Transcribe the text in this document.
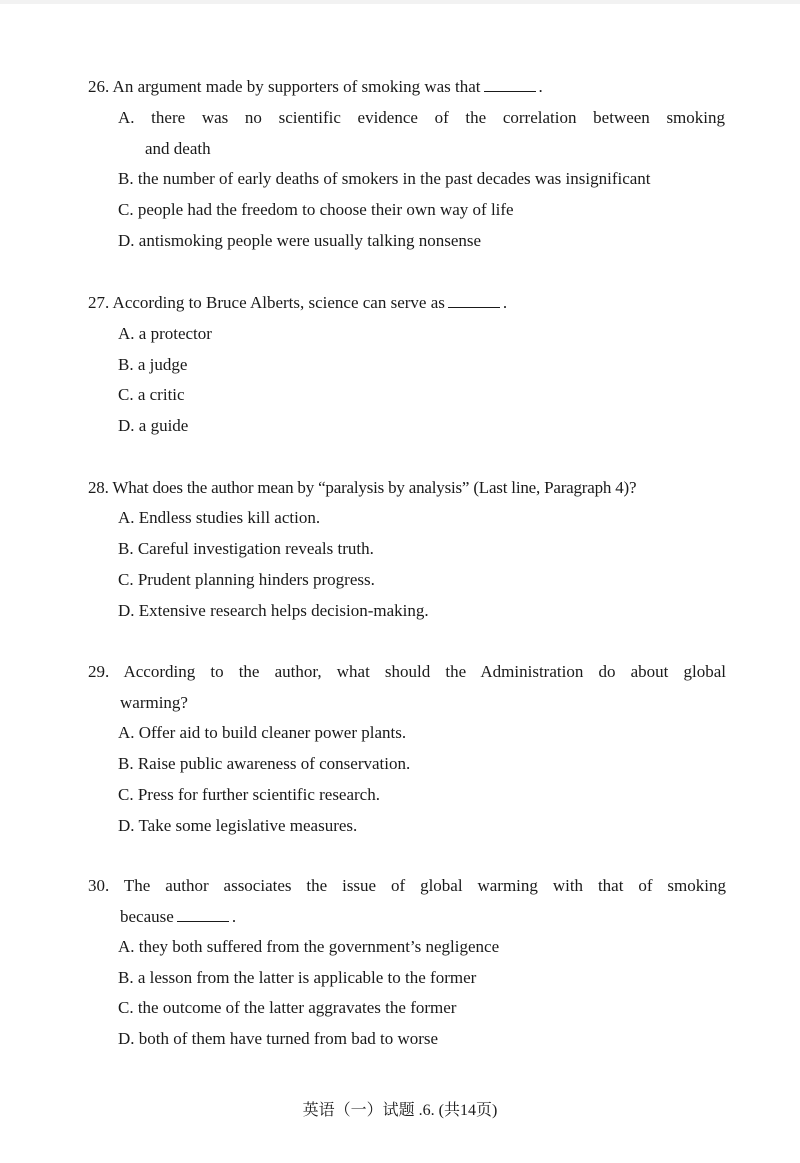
26. An argument made by supporters of smoking was that	.
A. there was no scientific evidence of the correlation between smoking
and death
B. the number of early deaths of smokers in the past decades was insignificant
C. people had the freedom to choose their own way of life
D. antismoking people were usually talking nonsense
27. According to Bruce Alberts, science can serve as	.
A. a protector
B. a judge
C. a critic
D. a guide
28. What does the author mean by “paralysis by analysis” (Last line, Paragraph 4)?
A. Endless studies kill action.
B. Careful investigation reveals truth.
C. Prudent planning hinders progress.
D. Extensive research helps decision-making.
29. According to the author, what should the Administration do about global
warming?
A. Offer aid to build cleaner power plants.
B. Raise public awareness of conservation.
C. Press for further scientific research.
D. Take some legislative measures.
30. The author associates the issue of global warming with that of smoking
because	.
A. they both suffered from the government’s negligence
B. a lesson from the latter is applicable to the former
C. the outcome of the latter aggravates the former
D. both of them have turned from bad to worse
英语（一）试题 .6. (共14页)
